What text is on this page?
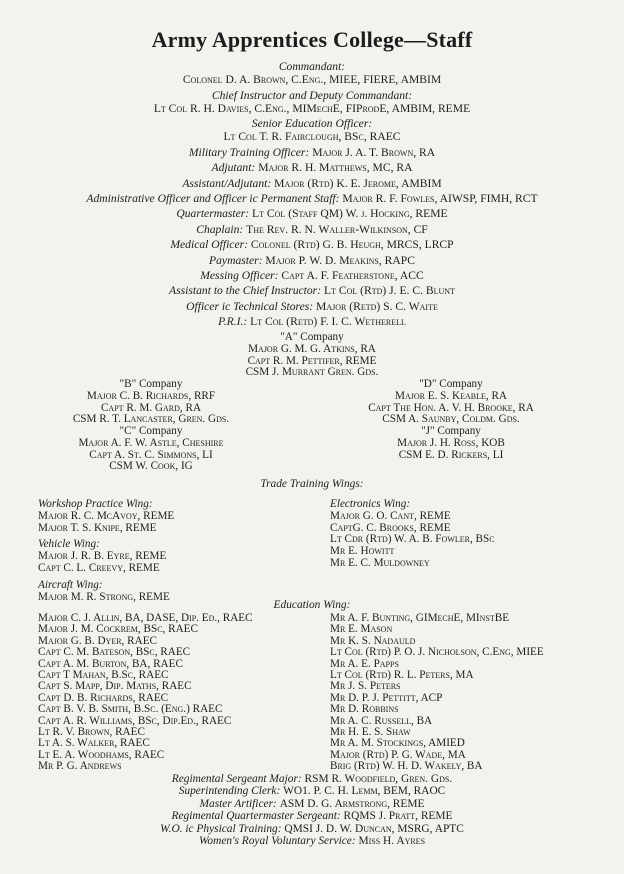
Army Apprentices College—Staff
Commandant:
Colonel D. A. Brown, C.Eng., MIEE, FIERE, AMBIM
Chief Instructor and Deputy Commandant:
Lt Col R. H. Davies, C.Eng., MIMechE, FIProdE, AMBIM, REME
Senior Education Officer:
Lt Col T. R. Fairclough, BSc, RAEC
Military Training Officer: Major J. A. T. Brown, RA
Adjutant: Major R. H. Matthews, MC, RA
Assistant/Adjutant: Major (Rtd) K. E. Jerome, AMBIM
Administrative Officer and Officer ic Permanent Staff: Major R. F. Fowles, AIWSP, FIMH, RCT
Quartermaster: Lt Col (Staff QM) W. j. Hocking, REME
Chaplain: The Rev. R. N. Waller-Wilkinson, CF
Medical Officer: Colonel (Rtd) G. B. Heugh, MRCS, LRCP
Paymaster: Major P. W. D. Meakins, RAPC
Messing Officer: Capt A. F. Featherstone, ACC
Assistant to the Chief Instructor: Lt Col (Rtd) J. E. C. Blunt
Officer ic Technical Stores: Major (Retd) S. C. Waite
P.R.I.: Lt Col (Retd) F. I. C. Wetherell
"A" Company
Major G. M. G. Atkins, RA
Capt R. M. Pettifer, REME
CSM J. Murrant Gren. Gds.
"B" Company
Major C. B. Richards, RRF
Capt R. M. Gard, RA
CSM R. T. Lancaster, Gren. Gds.
"D" Company
Major E. S. Keable, RA
Capt The Hon. A. V. H. Brooke, RA
CSM A. Saunby, Coldm. Gds.
"C" Company
Major A. F. W. Astle, Cheshire
Capt A. St. C. Simmons, LI
CSM W. Cook, IG
"J" Company
Major J. H. Ross, KOB
CSM E. D. Rickers, LI
Trade Training Wings:
Workshop Practice Wing:
Major R. C. McAvoy, REME
Major T. S. Knipe, REME
Vehicle Wing:
Major J. R. B. Eyre, REME
Capt C. L. Creevy, REME
Aircraft Wing:
Major M. R. Strong, REME
Electronics Wing:
Major G. O. Cant, REME
CaptG. C. Brooks, REME
Lt Cdr (Rtd) W. A. B. Fowler, BSc
Mr E. Howitt
Mr E. C. Muldowney
Education Wing:
Major C. J. Allin, BA, DASE, Dip. Ed., RAEC
Major J. M. Cockrem, BSc, RAEC
Major G. B. Dyer, RAEC
Capt C. M. Bateson, BSc, RAEC
Capt A. M. Burton, BA, RAEC
Capt T Mahan, B.Sc, RAEC
Capt S. Mapp, Dip. Maths, RAEC
Capt D. B. Richards, RAEC
Capt B. V. B. Smith, B.Sc. (Eng.) RAEC
Capt A. R. Williams, BSc, Dip.Ed., RAEC
Lt R. V. Brown, RAEC
Lt A. S. Walker, RAEC
Lt E. A. Woodhams, RAEC
Mr P. G. Andrews
Mr A. F. Bunting, GIMechE, MInstBE
Mr E. Mason
Mr K. S. Nadauld
Lt Col (Rtd) P. O. J. Nicholson, C.Eng, MIEE
Mr A. E. Papps
Lt Col (Rtd) R. L. Peters, MA
Mr J. S. Peters
Mr D. P. J. Pettitt, ACP
Mr D. Robbins
Mr A. C. Russell, BA
Mr H. E. S. Shaw
Mr A. M. Stockings, AMIED
Major (Rtd) P. G. Wade, MA
Brig (Rtd) W. H. D. Wakely, BA
Regimental Sergeant Major: RSM R. Woodfield, Gren. Gds.
Superintending Clerk: WO1. P. C. H. Lemm, BEM, RAOC
Master Artificer: ASM D. G. Armstrong, REME
Regimental Quartermaster Sergeant: RQMS J. Pratt, REME
W.O. ic Physical Training: QMSI J. D. W. Duncan, MSRG, APTC
Women's Royal Voluntary Service: Miss H. Ayres
